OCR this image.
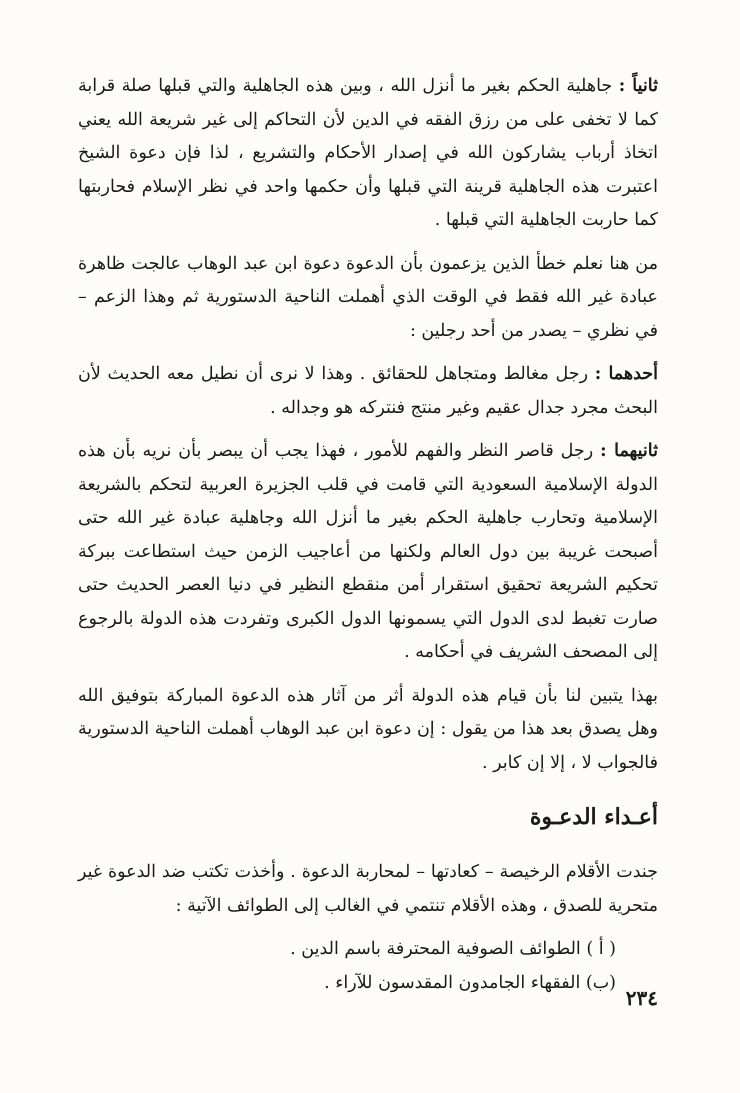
ثانياً : جاهلية الحكم بغير ما أنزل الله ، وبين هذه الجاهلية والتي قبلها صلة قرابة كما لا تخفى على من رزق الفقه في الدين لأن التحاكم إلى غير شريعة الله يعني اتخاذ أرباب يشاركون الله في إصدار الأحكام والتشريع ، لذا فإن دعوة الشيخ اعتبرت هذه الجاهلية قرينة التي قبلها وأن حكمها واحد في نظر الإسلام فحاربتها كما حاربت الجاهلية التي قبلها .

من هنا نعلم خطأ الذين يزعمون بأن الدعوة دعوة ابن عبد الوهاب عالجت ظاهرة عبادة غير الله فقط في الوقت الذي أهملت الناحية الدستورية ثم وهذا الزعم – في نظري – يصدر من أحد رجلين :

أحدهما : رجل مغالط ومتجاهل للحقائق . وهذا لا نرى أن نطيل معه الحديث لأن البحث مجرد جدال عقيم وغير منتج فنتركه هو وجداله .

ثانيهما : رجل قاصر النظر والفهم للأمور ، فهذا يجب أن يبصر بأن نريه بأن هذه الدولة الإسلامية السعودية التي قامت في قلب الجزيرة العربية لتحكم بالشريعة الإسلامية وتحارب جاهلية الحكم بغير ما أنزل الله وجاهلية عبادة غير الله حتى أصبحت غريبة بين دول العالم ولكنها من أعاجيب الزمن حيث استطاعت ببركة تحكيم الشريعة تحقيق استقرار أمن منقطع النظير في دنيا العصر الحديث حتى صارت تغبط لدى الدول التي يسمونها الدول الكبرى وتفردت هذه الدولة بالرجوع إلى المصحف الشريف في أحكامه .

بهذا يتبين لنا بأن قيام هذه الدولة أثر من آثار هذه الدعوة المباركة بتوفيق الله وهل يصدق بعد هذا من يقول : إن دعوة ابن عبد الوهاب أهملت الناحية الدستورية فالجواب لا ، إلا إن كابر .

أعـداء الدعـوة

جندت الأقلام الرخيصة – كعادتها – لمحاربة الدعوة . وأخذت تكتب ضد الدعوة غير متحرية للصدق ، وهذه الأقلام تنتمي في الغالب إلى الطوائف الآتية :

( أ ) الطوائف الصوفية المحترفة باسم الدين .

(ب) الفقهاء الجامدون المقدسون للآراء .

٢٣٤
